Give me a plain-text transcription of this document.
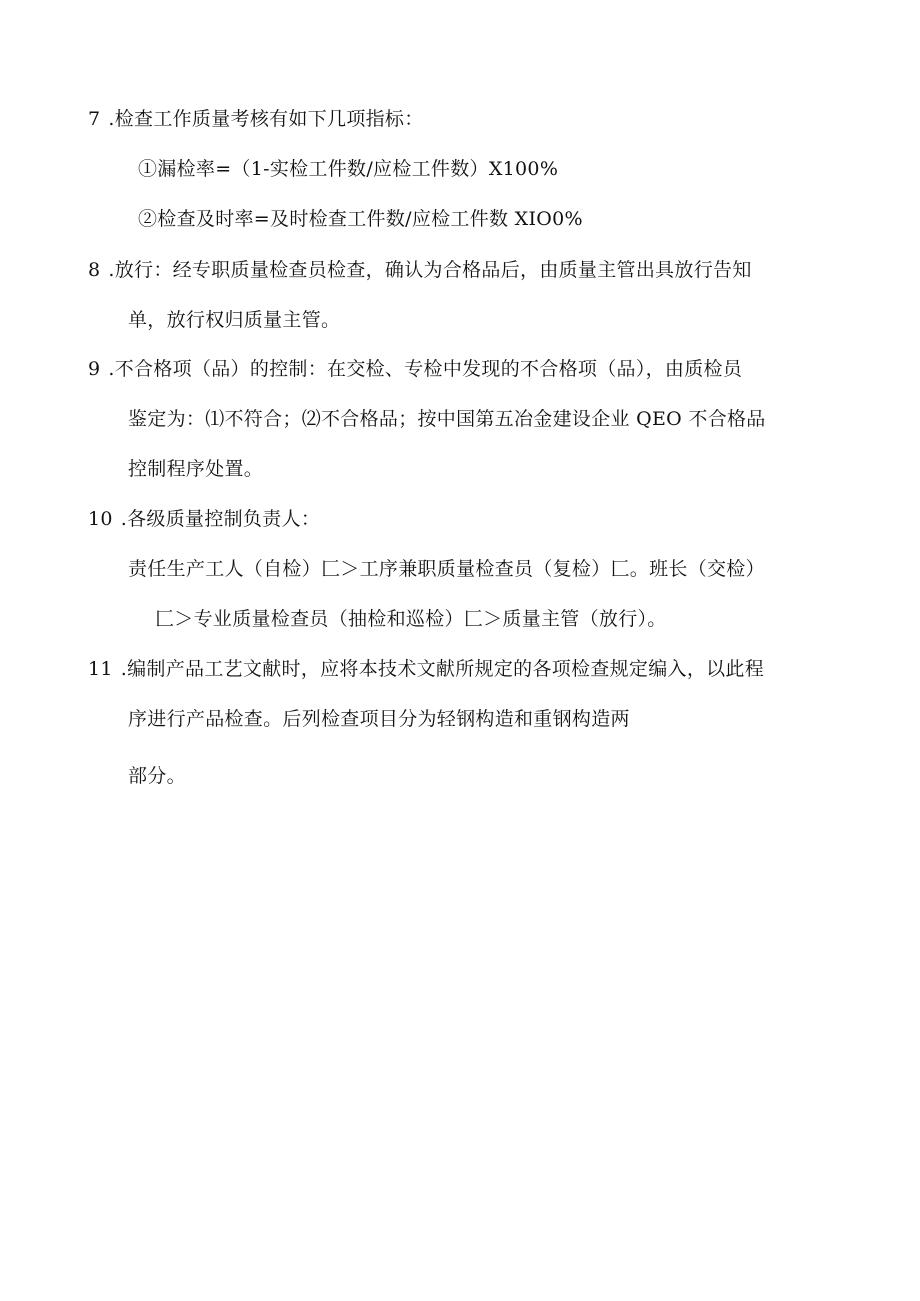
7 .检查工作质量考核有如下几项指标：
①漏检率=（1-实检工件数/应检工件数）X100%
②检查及时率=及时检查工件数/应检工件数 XIO0%
8 .放行：经专职质量检查员检查，确认为合格品后，由质量主管出具放行告知
单，放行权归质量主管。
9 .不合格项（品）的控制：在交检、专检中发现的不合格项（品），由质检员
鉴定为：⑴不符合；⑵不合格品；按中国第五冶金建设企业 QEO 不合格品
控制程序处置。
10 .各级质量控制负责人：
责任生产工人（自检）匚＞工序兼职质量检查员（复检）匚。班长（交检）
匚＞专业质量检查员（抽检和巡检）匚＞质量主管（放行）。
11 .编制产品工艺文献时，应将本技术文献所规定的各项检查规定编入，以此程
序进行产品检查。后列检查项目分为轻钢构造和重钢构造两
部分。
